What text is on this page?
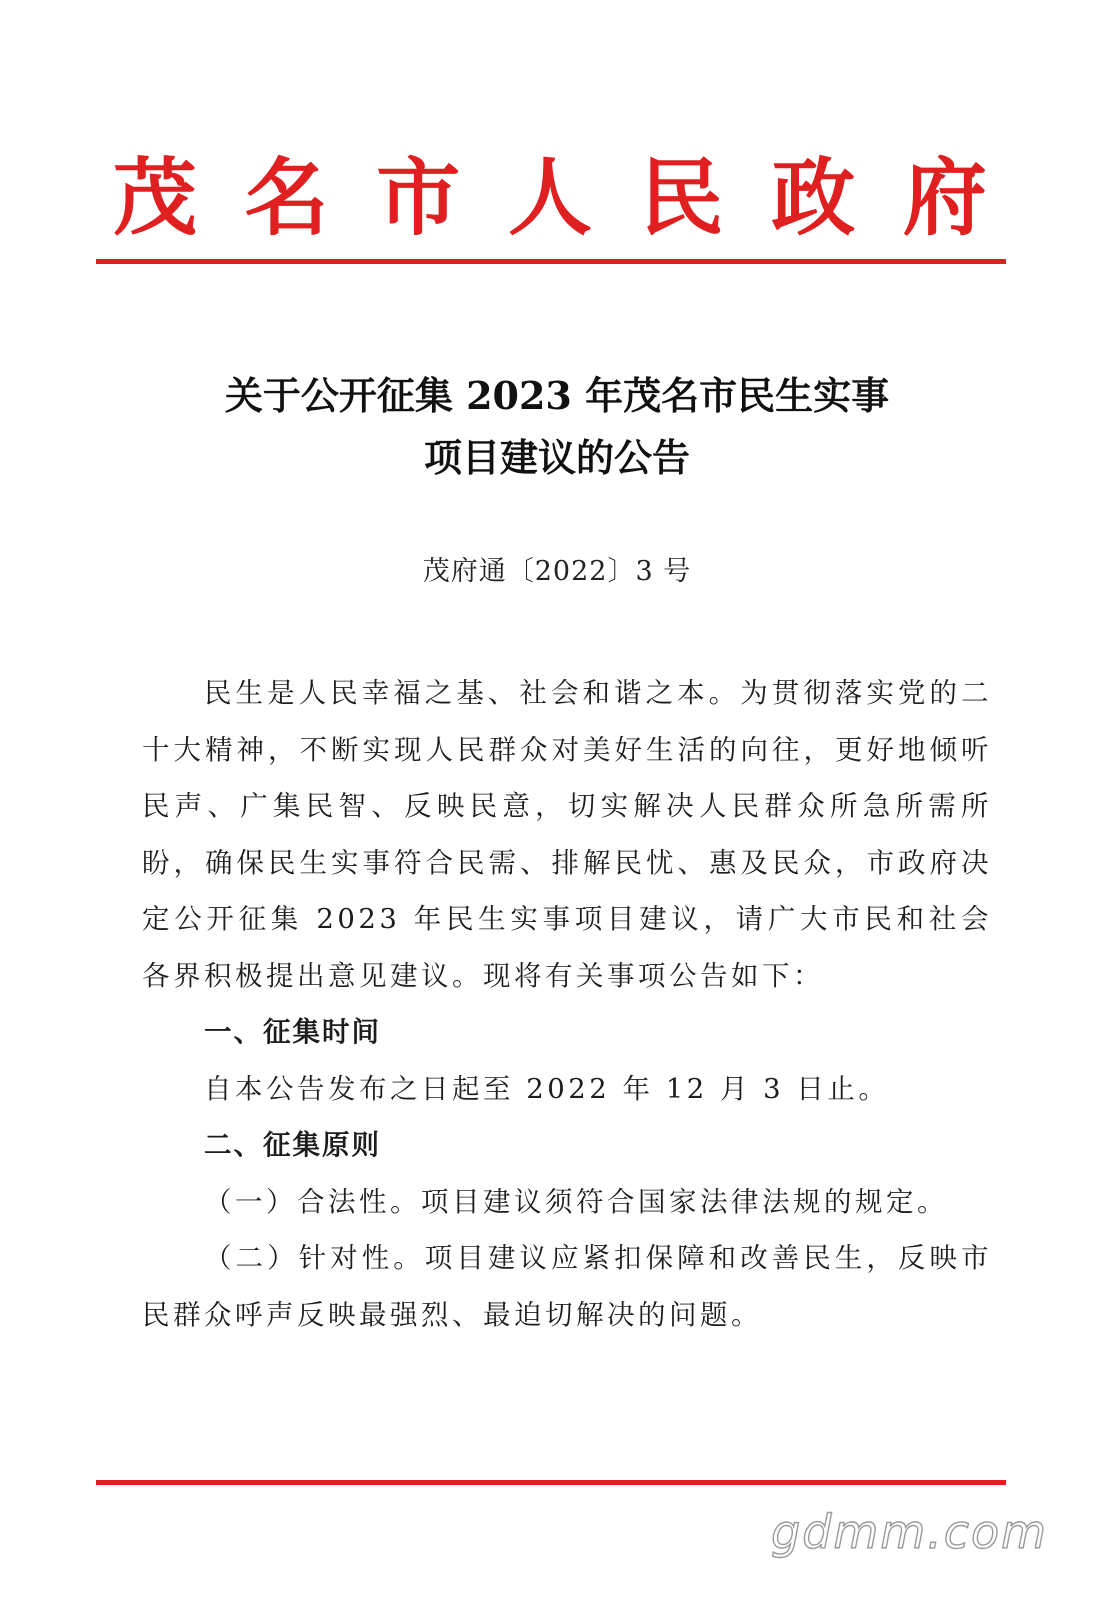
茂 名 市 人 民 政 府
关于公开征集 2023 年茂名市民生实事
项目建议的公告
茂府通〔2022〕3 号

民生是人民幸福之基、社会和谐之本。为贯彻落实党的二十大精神，不断实现人民群众对美好生活的向往，更好地倾听民声、广集民智、反映民意，切实解决人民群众所急所需所盼，确保民生实事符合民需、排解民忧、惠及民众，市政府决定公开征集 2023 年民生实事项目建议，请广大市民和社会各界积极提出意见建议。现将有关事项公告如下：

一、征集时间

自本公告发布之日起至 2022 年 12 月 3 日止。

二、征集原则

（一）合法性。项目建议须符合国家法律法规的规定。

（二）针对性。项目建议应紧扣保障和改善民生，反映市民群众呼声反映最强烈、最迫切解决的问题。

gdmm.com
